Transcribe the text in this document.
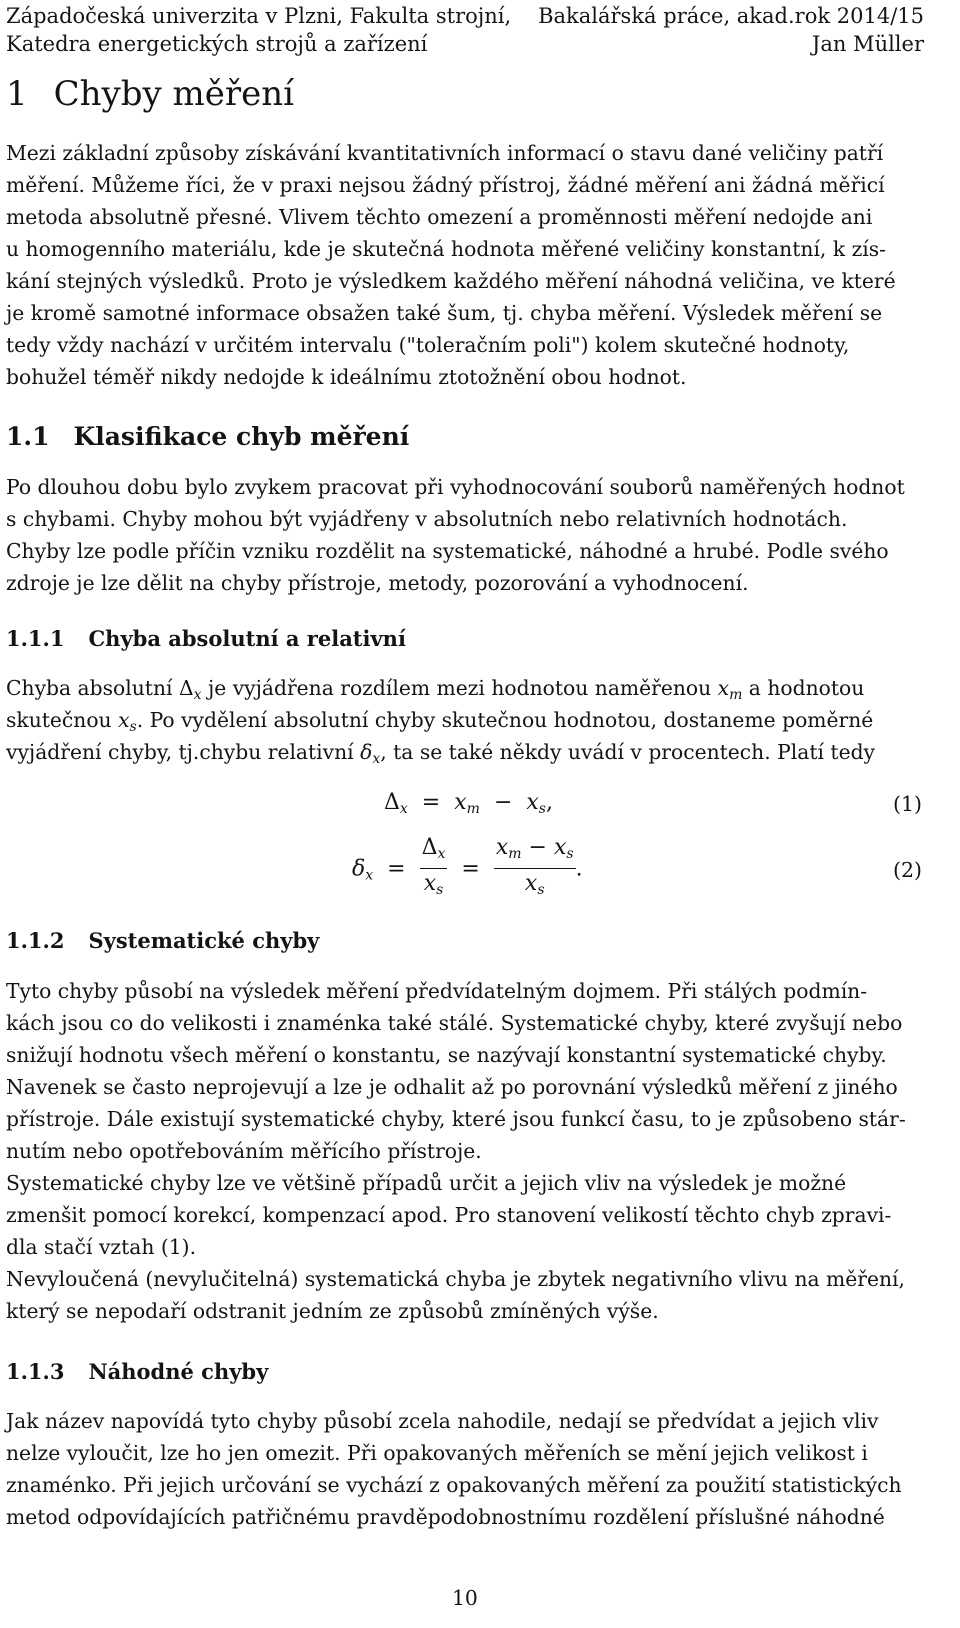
Západočeská univerzita v Plzni, Fakulta strojní,
Katedra energetických strojů a zařízení
Bakalářská práce, akad.rok 2014/15
Jan Müller
1 Chyby měření
Mezi základní způsoby získávání kvantitativních informací o stavu dané veličiny patří
měření. Můžeme říci, že v praxi nejsou žádný přístroj, žádné měření ani žádná měřicí
metoda absolutně přesné. Vlivem těchto omezení a proměnnosti měření nedojde ani
u homogenního materiálu, kde je skutečná hodnota měřené veličiny konstantní, k zís-
kání stejných výsledků. Proto je výsledkem každého měření náhodná veličina, ve které
je kromě samotné informace obsažen také šum, tj. chyba měření. Výsledek měření se
tedy vždy nachází v určitém intervalu ("toleračním poli") kolem skutečné hodnoty,
bohužel téměř nikdy nedojde k ideálnímu ztotožnění obou hodnot.
1.1 Klasifikace chyb měření
Po dlouhou dobu bylo zvykem pracovat při vyhodnocování souborů naměřených hodnot
s chybami. Chyby mohou být vyjádřeny v absolutních nebo relativních hodnotách.
Chyby lze podle příčin vzniku rozdělit na systematické, náhodné a hrubé. Podle svého
zdroje je lze dělit na chyby přístroje, metody, pozorování a vyhodnocení.
1.1.1 Chyba absolutní a relativní
Chyba absolutní $\Delta_x$ je vyjádřena rozdílem mezi hodnotou naměřenou $x_m$ a hodnotou
skutečnou $x_s$. Po vydělení absolutní chyby skutečnou hodnotou, dostaneme poměrné
vyjádření chyby, tj.chybu relativní $\delta_x$, ta se také někdy uvádí v procentech. Platí tedy
$\Delta_x = x_m - x_s$,	(1)
$\delta_x = \frac{\Delta_x}{x_s} = \frac{x_m - x_s}{x_s}$ .	(2)
1.1.2 Systematické chyby
Tyto chyby působí na výsledek měření předvídatelným dojmem. Při stálých podmín-
kách jsou co do velikosti i znaménka také stálé. Systematické chyby, které zvyšují nebo
snižují hodnotu všech měření o konstantu, se nazývají konstantní systematické chyby.
Navenek se často neprojevují a lze je odhalit až po porovnání výsledků měření z jiného
přístroje. Dále existují systematické chyby, které jsou funkcí času, to je způsobeno stár-
nutím nebo opotřebováním měřícího přístroje.
Systematické chyby lze ve většině případů určit a jejich vliv na výsledek je možné
zmenšit pomocí korekcí, kompenzací apod. Pro stanovení velikostí těchto chyb zpravi-
dla stačí vztah (1).
Nevyloučená (nevylučitelná) systematická chyba je zbytek negativního vlivu na měření,
který se nepodaří odstranit jedním ze způsobů zmíněných výše.
1.1.3 Náhodné chyby
Jak název napovídá tyto chyby působí zcela nahodile, nedají se předvídat a jejich vliv
nelze vyloučit, lze ho jen omezit. Při opakovaných měřeních se mění jejich velikost i
znaménko. Při jejich určování se vychází z opakovaných měření za použití statistických
metod odpovídajících patřičnému pravděpodobnostnímu rozdělení příslušné náhodné
10
